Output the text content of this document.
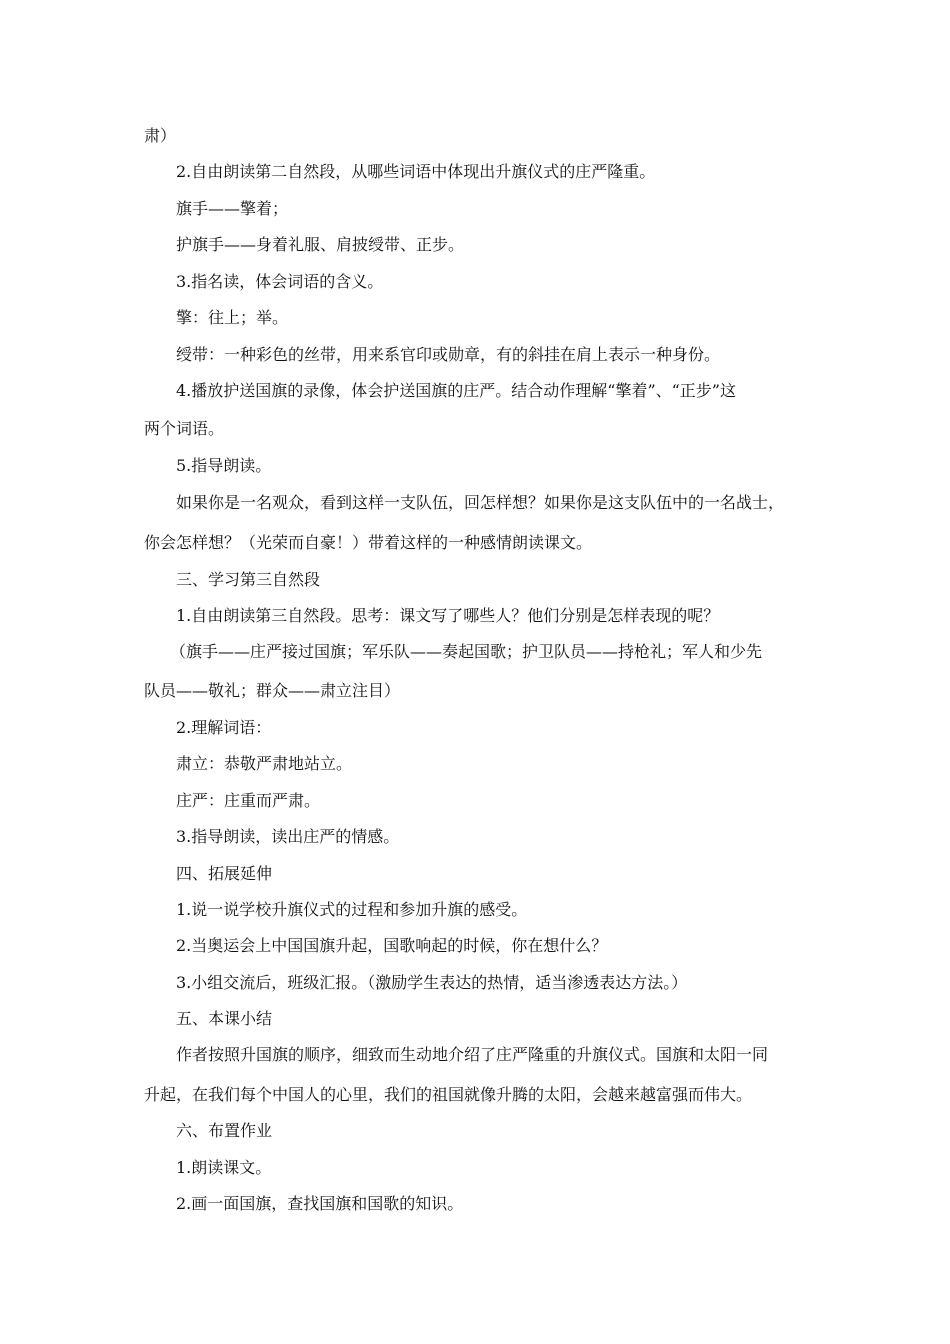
肃）
2.自由朗读第二自然段，从哪些词语中体现出升旗仪式的庄严隆重。
旗手——擎着；
护旗手——身着礼服、肩披绶带、正步。
3.指名读，体会词语的含义。
擎：往上；举。
绶带：一种彩色的丝带，用来系官印或勋章，有的斜挂在肩上表示一种身份。
4.播放护送国旗的录像，体会护送国旗的庄严。结合动作理解“擎着”、“正步”这
两个词语。
5.指导朗读。
如果你是一名观众，看到这样一支队伍，回怎样想？如果你是这支队伍中的一名战士，
你会怎样想？（光荣而自豪！）带着这样的一种感情朗读课文。
三、学习第三自然段
1.自由朗读第三自然段。思考：课文写了哪些人？他们分别是怎样表现的呢？
（旗手——庄严接过国旗；军乐队——奏起国歌；护卫队员——持枪礼；军人和少先
队员——敬礼；群众——肃立注目）
2.理解词语：
肃立：恭敬严肃地站立。
庄严：庄重而严肃。
3.指导朗读，读出庄严的情感。
四、拓展延伸
1.说一说学校升旗仪式的过程和参加升旗的感受。
2.当奥运会上中国国旗升起，国歌响起的时候，你在想什么？
3.小组交流后，班级汇报。（激励学生表达的热情，适当渗透表达方法。）
五、本课小结
作者按照升国旗的顺序，细致而生动地介绍了庄严隆重的升旗仪式。国旗和太阳一同
升起，在我们每个中国人的心里，我们的祖国就像升腾的太阳，会越来越富强而伟大。
六、布置作业
1.朗读课文。
2.画一面国旗，查找国旗和国歌的知识。
